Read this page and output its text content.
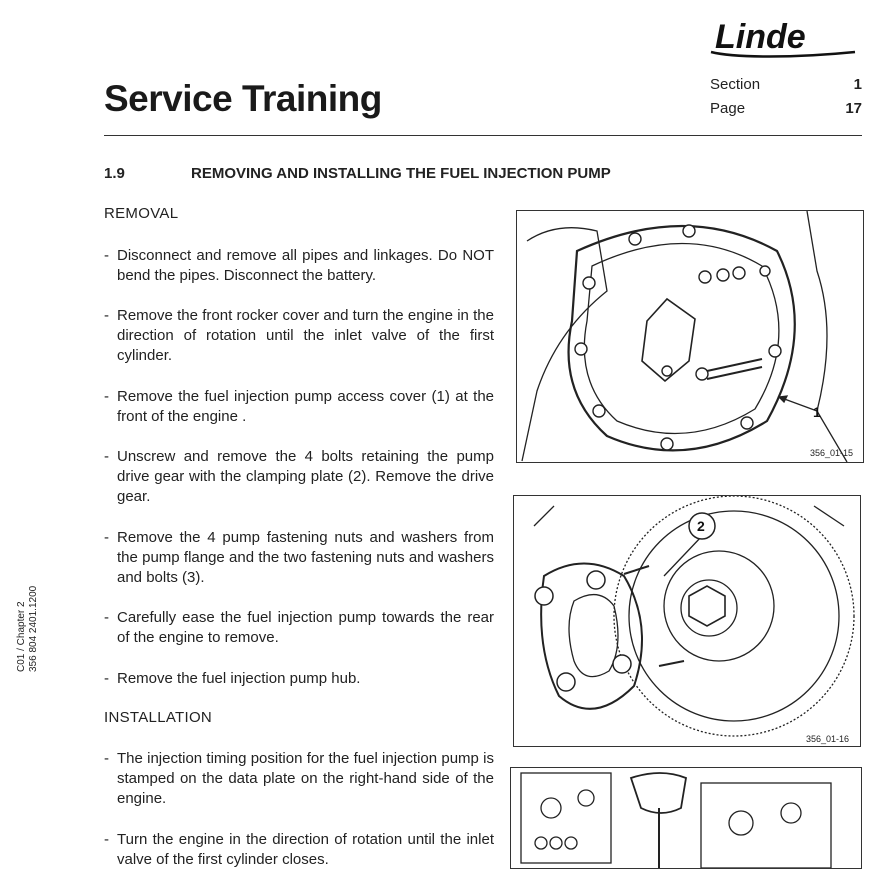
Linde
Service Training	Section	1
Page	17
1.9	REMOVING AND INSTALLING THE FUEL INJECTION PUMP
REMOVAL
- Disconnect and remove all pipes and linkages. Do NOT bend the pipes. Disconnect the battery.
- Remove the front rocker cover and turn the engine in the direction of rotation until the inlet valve of the first cylinder.
- Remove the fuel injection pump access cover (1) at the front of the engine .
- Unscrew and remove the 4 bolts retaining the pump drive gear with the clamping plate (2). Remove the drive gear.
- Remove the 4 pump fastening nuts and washers from the pump flange and the two fastening nuts and washers and bolts (3).
- Carefully ease the fuel injection pump towards the rear of the engine to remove.
- Remove the fuel injection pump hub.
INSTALLATION
- The injection timing position for the fuel injection pump is stamped on the data plate on the right-hand side of the engine.
- Turn the engine in the direction of rotation until the inlet valve of the first cylinder closes.
C01 / Chapter 2 356 804 2401.1200
1
356_01-15
2
356_01-16
